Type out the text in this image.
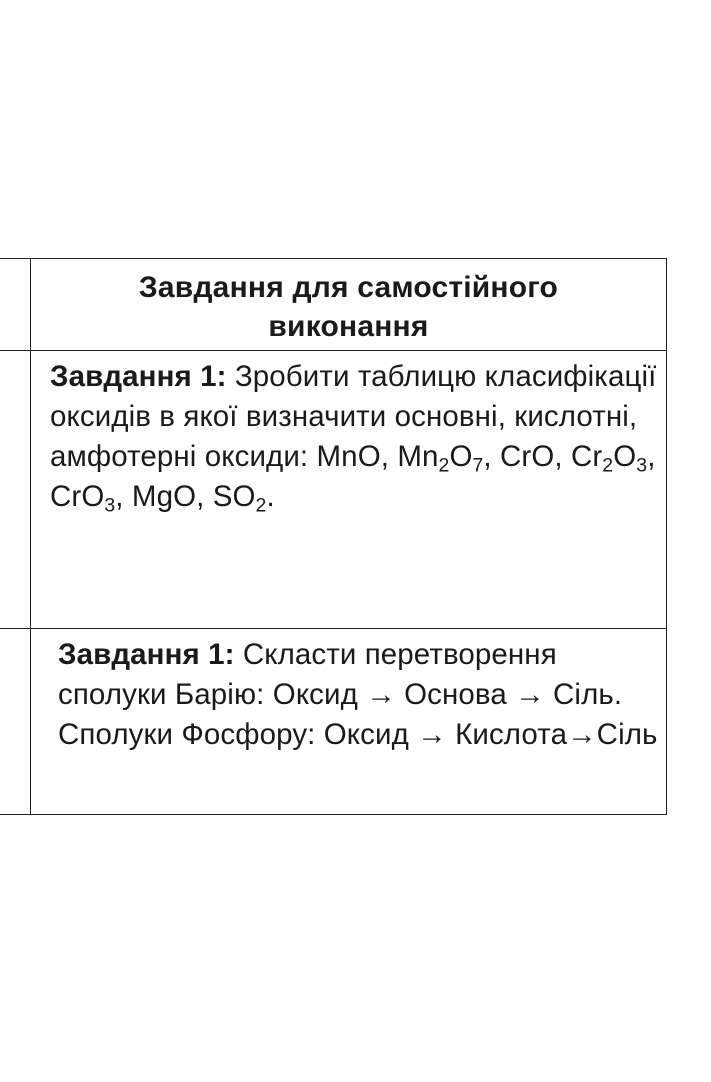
	Завдання для самостійного
виконання

	Завдання 1: Зробити таблицю класифікації оксидів в якої визначити основні, кислотні, амфотерні оксиди: MnO, $Mn_2O_7$, CrO, $Cr_2O_3$, CrO$_3$, MgO, $SO_2$.
	Завдання 1: Скласти перетворення сполуки Барію: Оксид → Основа → Сіль. Сполуки Фосфору: Оксид → Кислота→Сіль
